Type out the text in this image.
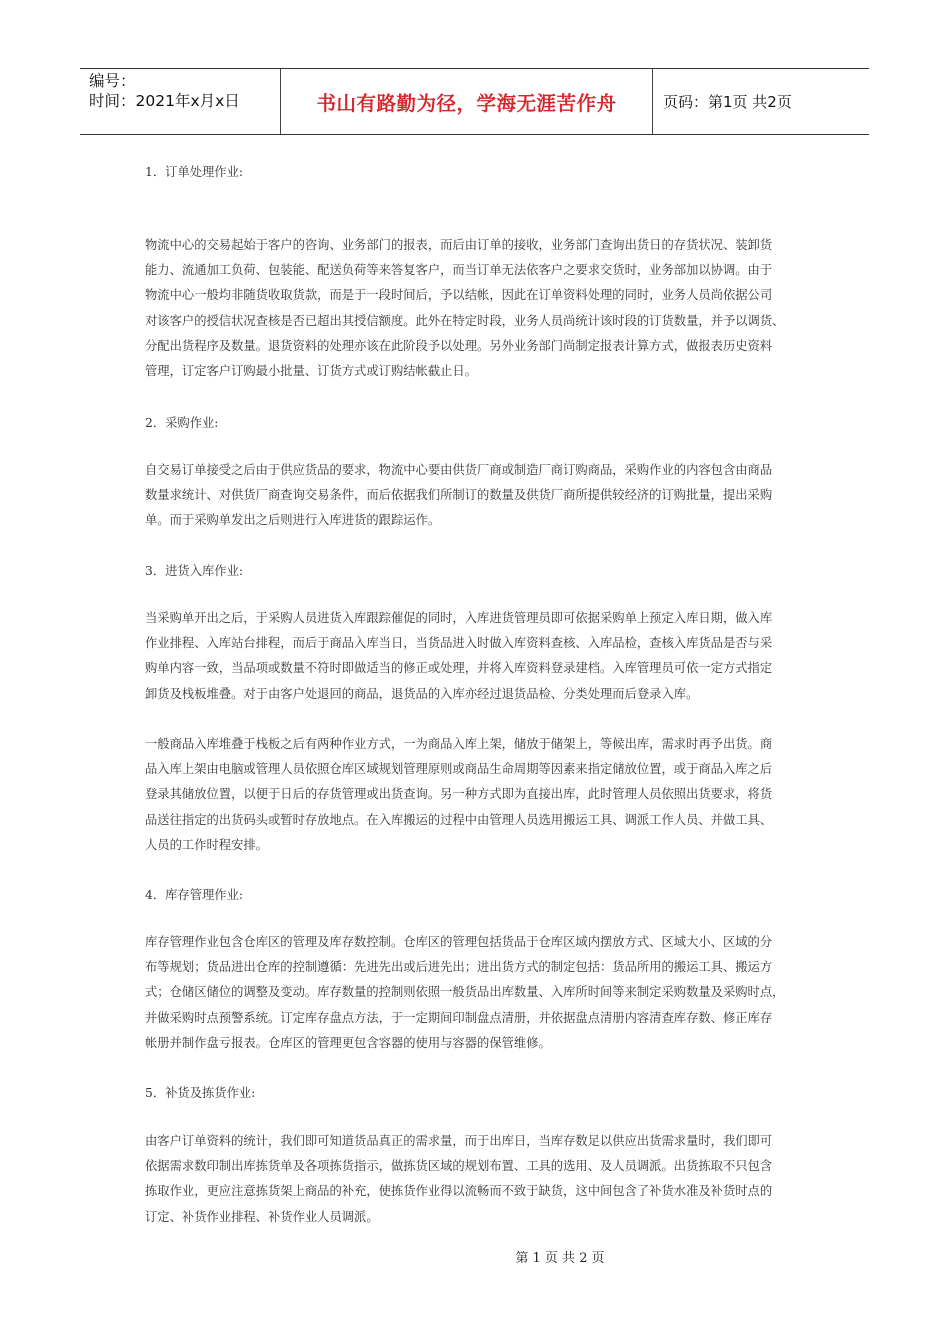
编号：
时间：2021年x月x日	书山有路勤为径，学海无涯苦作舟	页码：第1页 共2页
1．订单处理作业:
物流中心的交易起始于客户的咨询、业务部门的报表，而后由订单的接收，业务部门查询出货日的存货状况、装卸货
能力、流通加工负荷、包装能、配送负荷等来答复客户，而当订单无法依客户之要求交货时，业务部加以协调。由于
物流中心一般均非随货收取货款，而是于一段时间后，予以结帐，因此在订单资料处理的同时，业务人员尚依据公司
对该客户的授信状况查核是否已超出其授信额度。此外在特定时段，业务人员尚统计该时段的订货数量，并予以调货、
分配出货程序及数量。退货资料的处理亦该在此阶段予以处理。另外业务部门尚制定报表计算方式，做报表历史资料
管理，订定客户订购最小批量、订货方式或订购结帐截止日。
2．采购作业:
自交易订单接受之后由于供应货品的要求，物流中心要由供货厂商或制造厂商订购商品，采购作业的内容包含由商品
数量求统计、对供货厂商查询交易条件，而后依据我们所制订的数量及供货厂商所提供较经济的订购批量，提出采购
单。而于采购单发出之后则进行入库进货的跟踪运作。
3．进货入库作业:
当采购单开出之后，于采购人员进货入库跟踪催促的同时，入库进货管理员即可依据采购单上预定入库日期，做入库
作业排程、入库站台排程，而后于商品入库当日，当货品进入时做入库资料查核、入库品检，查核入库货品是否与采
购单内容一致，当品项或数量不符时即做适当的修正或处理，并将入库资料登录建档。入库管理员可依一定方式指定
卸货及栈板堆叠。对于由客户处退回的商品，退货品的入库亦经过退货品检、分类处理而后登录入库。
一般商品入库堆叠于栈板之后有两种作业方式，一为商品入库上架，储放于储架上，等候出库，需求时再予出货。商
品入库上架由电脑或管理人员依照仓库区域规划管理原则或商品生命周期等因素来指定储放位置，或于商品入库之后
登录其储放位置，以便于日后的存货管理或出货查询。另一种方式即为直接出库，此时管理人员依照出货要求，将货
品送往指定的出货码头或暂时存放地点。在入库搬运的过程中由管理人员选用搬运工具、调派工作人员、并做工具、
人员的工作时程安排。
4．库存管理作业:
库存管理作业包含仓库区的管理及库存数控制。仓库区的管理包括货品于仓库区域内摆放方式、区域大小、区域的分
布等规划；货品进出仓库的控制遵循：先进先出或后进先出；进出货方式的制定包括：货品所用的搬运工具、搬运方
式；仓储区储位的调整及变动。库存数量的控制则依照一般货品出库数量、入库所时间等来制定采购数量及采购时点，
并做采购时点预警系统。订定库存盘点方法，于一定期间印制盘点清册，并依据盘点清册内容清查库存数、修正库存
帐册并制作盘亏报表。仓库区的管理更包含容器的使用与容器的保管维修。
5．补货及拣货作业:
由客户订单资料的统计，我们即可知道货品真正的需求量，而于出库日，当库存数足以供应出货需求量时，我们即可
依据需求数印制出库拣货单及各项拣货指示，做拣货区域的规划布置、工具的选用、及人员调派。出货拣取不只包含
拣取作业，更应注意拣货架上商品的补充，使拣货作业得以流畅而不致于缺货，这中间包含了补货水准及补货时点的
订定、补货作业排程、补货作业人员调派。
第 1 页 共 2 页
